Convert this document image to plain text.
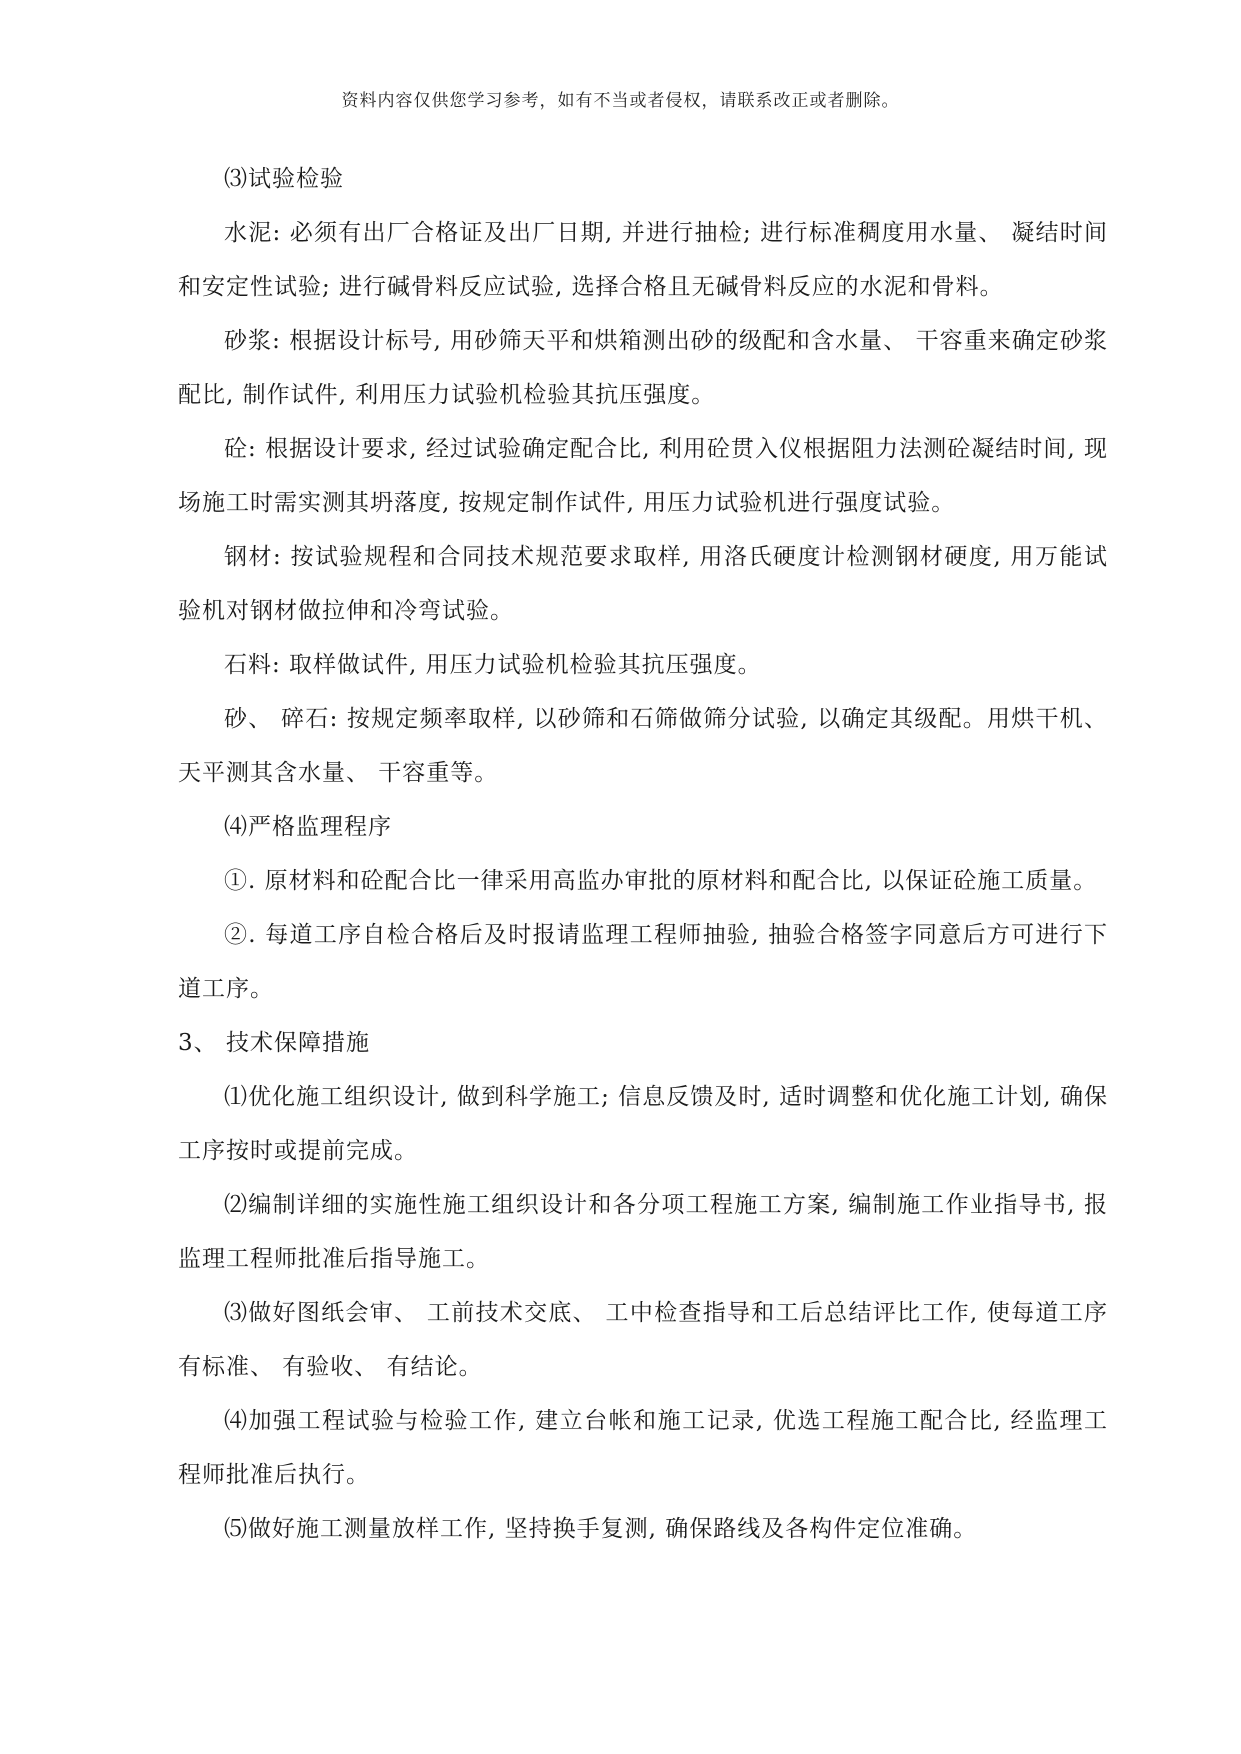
资料内容仅供您学习参考，如有不当或者侵权，请联系改正或者删除。

⑶试验检验

水泥: 必须有出厂合格证及出厂日期, 并进行抽检; 进行标准稠度用水量、 凝结时间和安定性试验; 进行碱骨料反应试验, 选择合格且无碱骨料反应的水泥和骨料。

砂浆: 根据设计标号, 用砂筛天平和烘箱测出砂的级配和含水量、 干容重来确定砂浆配比, 制作试件, 利用压力试验机检验其抗压强度。

砼: 根据设计要求, 经过试验确定配合比, 利用砼贯入仪根据阻力法测砼凝结时间, 现场施工时需实测其坍落度, 按规定制作试件, 用压力试验机进行强度试验。

钢材: 按试验规程和合同技术规范要求取样, 用洛氏硬度计检测钢材硬度, 用万能试验机对钢材做拉伸和冷弯试验。

石料: 取样做试件, 用压力试验机检验其抗压强度。

砂、 碎石: 按规定频率取样, 以砂筛和石筛做筛分试验, 以确定其级配。用烘干机、 天平测其含水量、 干容重等。

⑷严格监理程序

①. 原材料和砼配合比一律采用高监办审批的原材料和配合比, 以保证砼施工质量。

②. 每道工序自检合格后及时报请监理工程师抽验, 抽验合格签字同意后方可进行下道工序。

3、 技术保障措施

⑴优化施工组织设计, 做到科学施工; 信息反馈及时, 适时调整和优化施工计划, 确保工序按时或提前完成。

⑵编制详细的实施性施工组织设计和各分项工程施工方案, 编制施工作业指导书, 报监理工程师批准后指导施工。

⑶做好图纸会审、 工前技术交底、 工中检查指导和工后总结评比工作, 使每道工序有标准、 有验收、 有结论。

⑷加强工程试验与检验工作, 建立台帐和施工记录, 优选工程施工配合比, 经监理工程师批准后执行。

⑸做好施工测量放样工作, 坚持换手复测, 确保路线及各构件定位准确。
